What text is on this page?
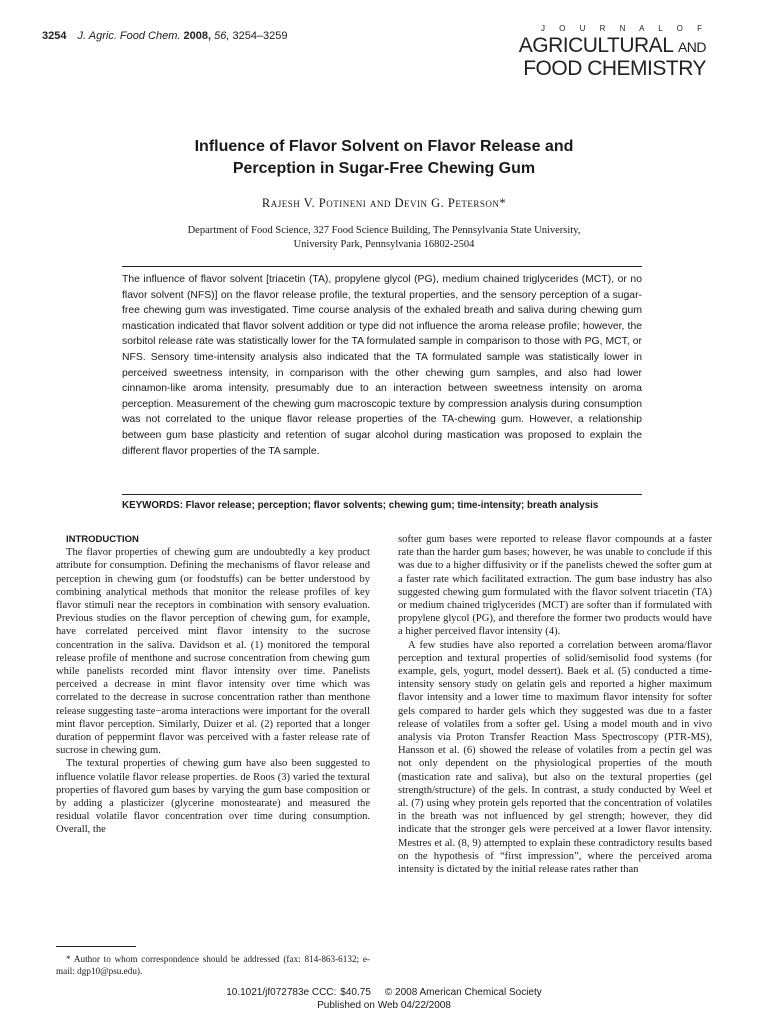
3254 J. Agric. Food Chem. 2008, 56, 3254–3259
J O U R N A L O F
AGRICULTURAL AND
FOOD CHEMISTRY
Influence of Flavor Solvent on Flavor Release and
Perception in Sugar-Free Chewing Gum
Rajesh V. Potineni and Devin G. Peterson*
Department of Food Science, 327 Food Science Building, The Pennsylvania State University,
University Park, Pennsylvania 16802-2504
The influence of flavor solvent [triacetin (TA), propylene glycol (PG), medium chained triglycerides (MCT), or no flavor solvent (NFS)] on the flavor release profile, the textural properties, and the sensory perception of a sugar-free chewing gum was investigated. Time course analysis of the exhaled breath and saliva during chewing gum mastication indicated that flavor solvent addition or type did not influence the aroma release profile; however, the sorbitol release rate was statistically lower for the TA formulated sample in comparison to those with PG, MCT, or NFS. Sensory time-intensity analysis also indicated that the TA formulated sample was statistically lower in perceived sweetness intensity, in comparison with the other chewing gum samples, and also had lower cinnamon-like aroma intensity, presumably due to an interaction between sweetness intensity on aroma perception. Measurement of the chewing gum macroscopic texture by compression analysis during consumption was not correlated to the unique flavor release properties of the TA-chewing gum. However, a relationship between gum base plasticity and retention of sugar alcohol during mastication was proposed to explain the different flavor properties of the TA sample.
KEYWORDS: Flavor release; perception; flavor solvents; chewing gum; time-intensity; breath analysis

INTRODUCTION

The flavor properties of chewing gum are undoubtedly a key product attribute for consumption. Defining the mechanisms of flavor release and perception in chewing gum (or foodstuffs) can be better understood by combining analytical methods that monitor the release profiles of key flavor stimuli near the receptors in combination with sensory evaluation. Previous studies on the flavor perception of chewing gum, for example, have correlated perceived mint flavor intensity to the sucrose concentration in the saliva. Davidson et al. (1) monitored the temporal release profile of menthone and sucrose concentration from chewing gum while panelists recorded mint flavor intensity over time. Panelists perceived a decrease in mint flavor intensity over time which was correlated to the decrease in sucrose concentration rather than menthone release suggesting taste−aroma interactions were important for the overall mint flavor perception. Similarly, Duizer et al. (2) reported that a longer duration of peppermint flavor was perceived with a faster release rate of sucrose in chewing gum.

The textural properties of chewing gum have also been suggested to influence volatile flavor release properties. de Roos (3) varied the textural properties of flavored gum bases by varying the gum base composition or by adding a plasticizer (glycerine monostearate) and measured the residual volatile flavor concentration over time during consumption. Overall, the

softer gum bases were reported to release flavor compounds at a faster rate than the harder gum bases; however, he was unable to conclude if this was due to a higher diffusivity or if the panelists chewed the softer gum at a faster rate which facilitated extraction. The gum base industry has also suggested chewing gum formulated with the flavor solvent triacetin (TA) or medium chained triglycerides (MCT) are softer than if formulated with propylene glycol (PG), and therefore the former two products would have a higher perceived flavor intensity (4).

A few studies have also reported a correlation between aroma/flavor perception and textural properties of solid/semisolid food systems (for example, gels, yogurt, model dessert). Baek et al. (5) conducted a time-intensity sensory study on gelatin gels and reported a higher maximum flavor intensity and a lower time to maximum flavor intensity for softer gels compared to harder gels which they suggested was due to a faster release of volatiles from a softer gel. Using a model mouth and in vivo analysis via Proton Transfer Reaction Mass Spectroscopy (PTR-MS), Hansson et al. (6) showed the release of volatiles from a pectin gel was not only dependent on the physiological properties of the mouth (mastication rate and saliva), but also on the textural properties (gel strength/structure) of the gels. In contrast, a study conducted by Weel et al. (7) using whey protein gels reported that the concentration of volatiles in the breath was not influenced by gel strength; however, they did indicate that the stronger gels were perceived at a lower flavor intensity. Mestres et al. (8, 9) attempted to explain these contradictory results based on the hypothesis of “first impression”, where the perceived aroma intensity is dictated by the initial release rates rather than

* Author to whom correspondence should be addressed (fax: 814-863-6132; e-mail: dgp10@psu.edu).
10.1021/jf072783e CCC: $40.75 © 2008 American Chemical Society
Published on Web 04/22/2008
